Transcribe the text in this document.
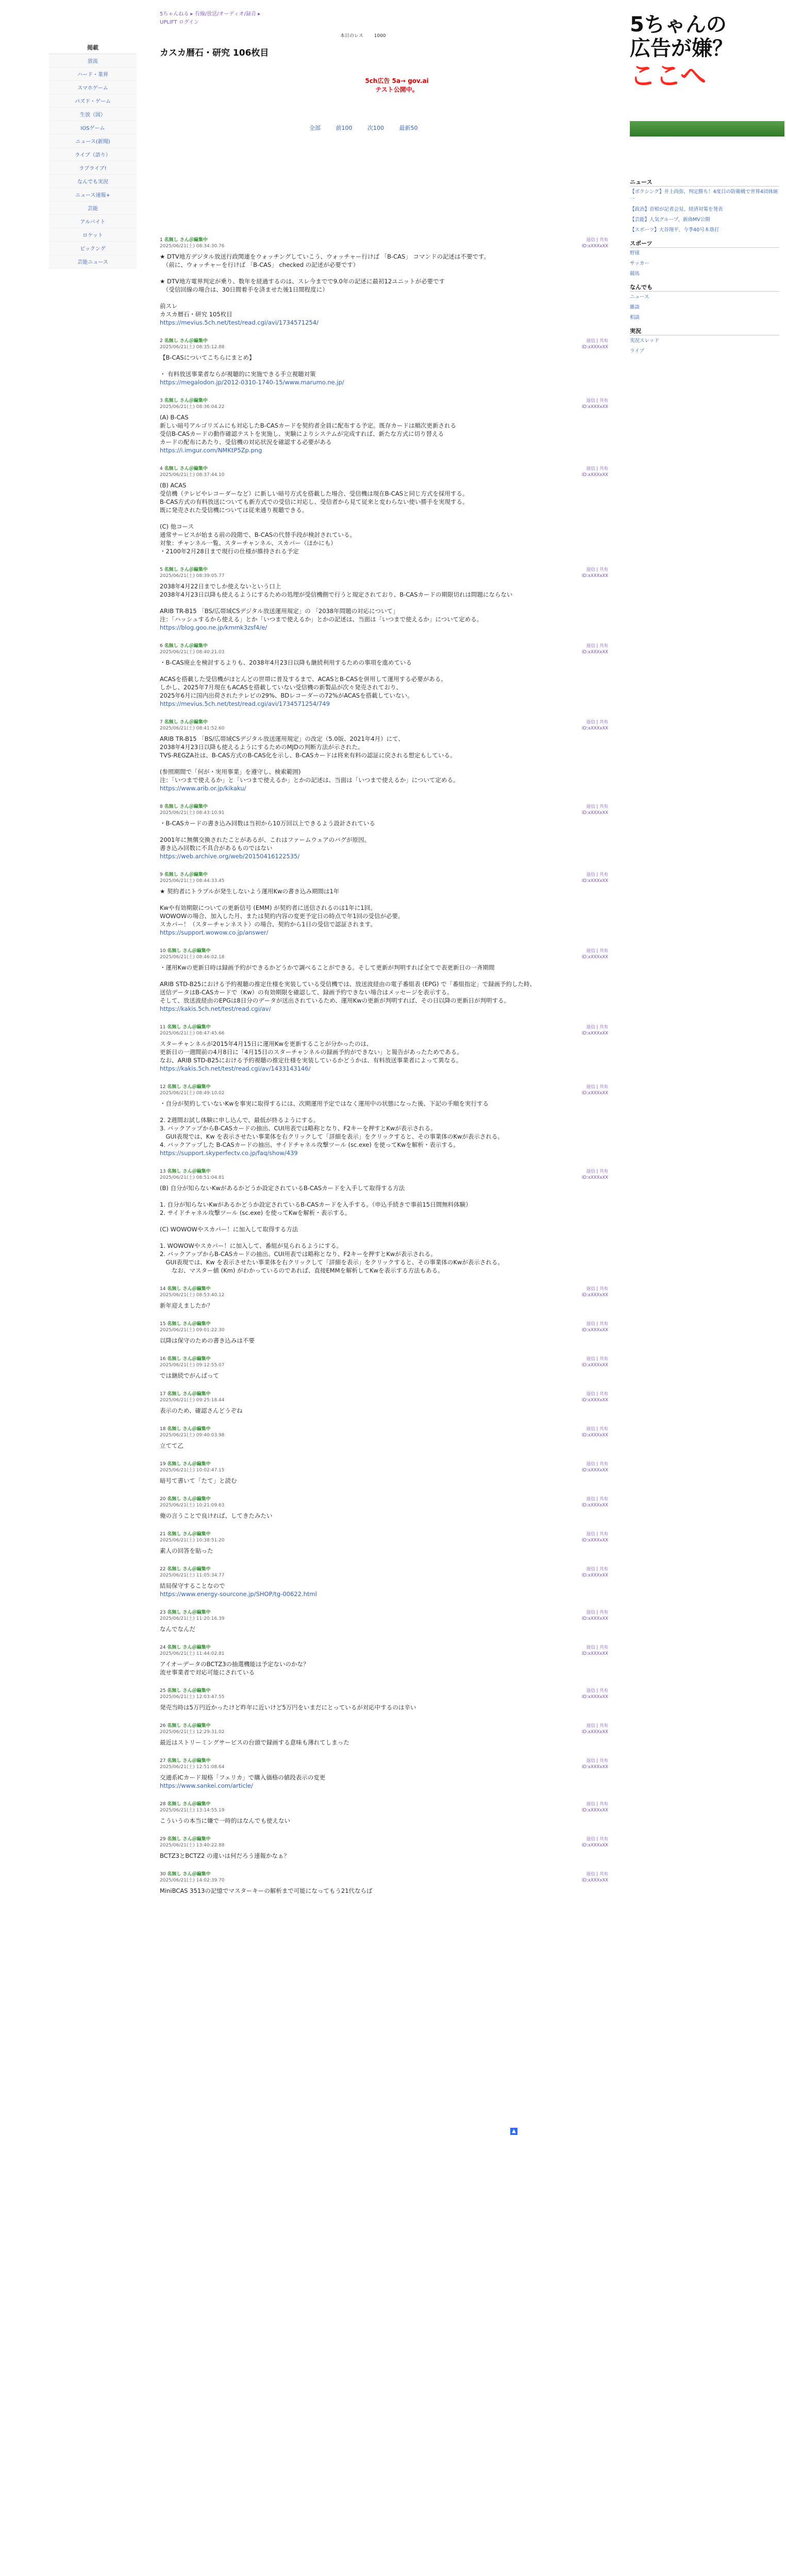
掲載
放流
ハード・業界
スマホゲーム
パズド・ゲーム
生放（図）
IOSゲーム
ニュース(新聞)
ライブ（語り）
ラブライブ!
なんでも実況
ニュース速報+
芸能
アルバイト
ロケット
ピックング
芸能ニュース
5ちゃんねる ▸ 有線/放送/オーディオ/録音 ▸
UPLIFT ログイン
カスカ暦石・研究 106枚目
本日のレス 1000
5ch広告 5a→ gov.ai
テスト公開中。
全部	前100	次100	最新50
5ちゃんの
広告が嫌？
ここへ
ニュース

【ボクシング】井上尚弥、判定勝ち！4度目の防衛戦で世界4団体統一

【政治】首相が記者会見、経済対策を発表

【芸能】人気グループ、新曲MV公開

【スポーツ】大谷翔平、今季40号本塁打

スポーツ

野球

サッカー

競馬

なんでも

ニュース

雑談

相談

実況

実況スレッド

ライブ

1 名無し さん＠編集中
2025/06/21(土) 08:34:30.76
返信 | 共有
ID:xXXXxXX
★ DTV地方デジタル放送行政関連をウォッチングしていこう、ウォッチャー行けば 「B-CAS」 コマンドの記述は不要です。
　（前に、ウォッチャーを行けば 「B-CAS」 checked の記述が必要です）

★ DTV地方電界判定が乗り、数年を経過するのは、スレ今までで9.0年の記述に最初12ユニットが必要です
　（受信回線の場合は、30日間着手を済ませた後1日間程度に）

前スレ
カスカ暦石・研究 105枚目
https://mevius.5ch.net/test/read.cgi/avi/1734571254/
2 名無し さん＠編集中
2025/06/21(土) 08:35:12.88
返信 | 共有
ID:xXXXxXX
【B-CASについてこちらにまとめ】

・ 有料放送事業者ならが視聴的に実施できる手立視聴対策
https://megalodon.jp/2012-0310-1740-15/www.marumo.ne.jp/
3 名無し さん＠編集中
2025/06/21(土) 08:36:04.22
返信 | 共有
ID:xXXXxXX
(A) B-CAS
新しい暗号アルゴリズムにも対応したB-CASカードを契約者全員に配布する予定。既存カードは順次更新される
受信B-CASカードの動作確認テストを実施し、実験によりシステムが完成すれば、新たな方式に切り替える
カードの配布にあたり、受信機の対応状況を確認する必要がある
https://i.imgur.com/NMKtP5Zp.png
4 名無し さん＠編集中
2025/06/21(土) 08:37:44.10
返信 | 共有
ID:xXXXxXX
(B) ACAS
受信機（テレビやレコーダーなど）に新しい暗号方式を搭載した場合、受信機は現在B-CASと同じ方式を採用する。
B-CAS方式の有料放送についても新方式での受信に対応し、受信者から見て従来と変わらない使い勝手を実現する。
既に発売された受信機については従来通り視聴できる。

(C) 他コース
通常サービスが始まる前の段階で、B-CASの代替手段が検討されている。
対象：チャンネル一覧、スターチャンネル、スカパー（ほかにも）
・2100年2月28日まで現行の仕様が維持される予定
5 名無し さん＠編集中
2025/06/21(土) 08:39:05.77
返信 | 共有
ID:xXXXxXX
2038年4月22日までしか使えないという口上
2038年4月23日以降も使えるようにするための処理が受信機側で行うと規定されており、B-CASカードの期限切れは問題にならない

ARIB TR-B15 「BS/広帯域CSデジタル放送運用規定」の 「2038年問題の対応について」
注：「ハッシュするから使える」とか「いつまで使えるか」とかの記述は、当面は「いつまで使えるか」について定める。
https://blog.goo.ne.jp/kmmk3zsf4/e/
6 名無し さん＠編集中
2025/06/21(土) 08:40:21.03
返信 | 共有
ID:xXXXxXX
・B-CAS廃止を検討するよりも、2038年4月23日以降も継続利用するための事項を進めている

ACASを搭載した受信機がほとんどの世帯に普及するまで、ACASとB-CASを併用して運用する必要がある。
しかし、2025年7月現在もACASを搭載していない受信機の新製品が次々発売されており、
2025年6月に国内出荷されたテレビの29%、BDレコーダーの72%がACASを搭載していない。
https://mevius.5ch.net/test/read.cgi/avi/1734571254/749
7 名無し さん＠編集中
2025/06/21(土) 08:41:52.60
返信 | 共有
ID:xXXXxXX
ARIB TR-B15 「BS/広帯域CSデジタル放送運用規定」の改定（5.0版、2021年4月）にて、
2038年4月23日以降も使えるようにするためのMJDの判断方法が示された。
TVS-REGZA社は、B-CAS方式のB-CAS化を示し、B-CASカードは将来有料の認証に戻される想定もしている。

(参照期間で「何が・実用事業」を遵守し、検索範囲)
注：「いつまで使えるか」と「いつまで使えるか」とかの記述は、当面は「いつまで使えるか」について定める。
https://www.arib.or.jp/kikaku/
8 名無し さん＠編集中
2025/06/21(土) 08:43:10.91
返信 | 共有
ID:xXXXxXX
・B-CASカードの書き込み回数は当初から10万回以上できるよう設計されている

2001年に無償交換されたことがあるが、これはファームウェアのバグが原因。
書き込み回数に不具合があるものではない
https://web.archive.org/web/20150416122535/
9 名無し さん＠編集中
2025/06/21(土) 08:44:33.45
返信 | 共有
ID:xXXXxXX
★ 契約者にトラブルが発生しないよう運用Kwの書き込み期間は1年

Kwや有効期限についての更新信号 (EMM) が契約者に送信されるのは1年に1回。
WOWOWの場合、加入した月、または契約内容の変更予定日の時点で年1回の受信が必要。
スカパー！（スターチャンネスト）の場合、契約から1日の受信で認証されます。
https://support.wowow.co.jp/answer/
10 名無し さん＠編集中
2025/06/21(土) 08:46:02.18
返信 | 共有
ID:xXXXxXX
・運用Kwの更新日時は録画予約ができるかどうかで調べることができる。そして更新が判明すれば全てで表更新日の一斉期間

ARIB STD-B25における予約視聴の推定仕様を実装している受信機では、放送波経由の電子番組表 (EPG) で「番組指定」で録画予約した時、
送信データはB-CASカードで（Kw）の有効期限を確認して、録画予約できない場合はメッセージを表示する。
そして、放送波経由のEPGは8日分のデータが送出されているため、運用Kwの更新が判明すれば、その日以降の更新日が判明する。
https://kakis.5ch.net/test/read.cgi/av/
11 名無し さん＠編集中
2025/06/21(土) 08:47:45.66
返信 | 共有
ID:xXXXxXX
スターチャンネルが2015年4月15日に運用Kwを更新することが分かったのは、
更新日の一週間前の4月8日に「4月15日のスターチャンネルの録画予約ができない」と報告があったためである。
なお、ARIB STD-B25における予約視聴の推定仕様を実装しているかどうかは、有料放送事業者によって異なる。
https://kakis.5ch.net/test/read.cgi/av/1433143146/
12 名無し さん＠編集中
2025/06/21(土) 08:49:10.02
返信 | 共有
ID:xXXXxXX
・自分が契約していないKwを事実に取得するには、次期運用予定ではなく運用中の状態になった後、下記の手順を実行する

2. 2週間お試し体験に申し込んで、最低が終るようにする。
3. バックアップからB-CASカードの抽出、CUI用表では略称となり、F2キーを押すとKwが表示される。
　GUI表現では、Kw を表示させたい事業体を右クリックして「詳細を表示」をクリックすると、その事業体のKwが表示される。
4. バックアップした B-CASカードの抽出、サイドチャネル攻撃ツール (sc.exe) を使ってKwを解析・表示する。
https://support.skyperfectv.co.jp/faq/show/439
13 名無し さん＠編集中
2025/06/21(土) 08:51:04.81
返信 | 共有
ID:xXXXxXX
(B) 自分が知らないKwがあるかどうか設定されているB-CASカードを入手して取得する方法

1. 自分が知らないKwがあるかどうか設定されているB-CASカードを入手する。（申込手続きで事前15日間無料体験）
2. サイドチャネル攻撃ツール (sc.exe) を使ってKwを解析・表示する。

(C) WOWOWやスカパー！に加入して取得する方法

1. WOWOWやスカパー！に加入して、番組が見られるようにする。
2. バックアップからB-CASカードの抽出、CUI用表では略称となり、F2キーを押すとKwが表示される。
　GUI表現では、Kw を表示させたい事業体を右クリックして「詳細を表示」をクリックすると、その事業体のKwが表示される。
　　なお、マスター値 (Km) がわかっているのであれば、直接EMMを解析してKwを表示する方法もある。
14 名無し さん＠編集中
2025/06/21(土) 08:53:40.12
返信 | 共有
ID:xXXXxXX
新年迎えましたか？
15 名無し さん＠編集中
2025/06/21(土) 09:01:22.30
返信 | 共有
ID:xXXXxXX
以降は保守のための書き込みは不要
16 名無し さん＠編集中
2025/06/21(土) 09:12:55.07
返信 | 共有
ID:xXXXxXX
では継続でがんばって
17 名無し さん＠編集中
2025/06/21(土) 09:25:18.44
返信 | 共有
ID:xXXXxXX
表示のため、確認さんどうぞね
18 名無し さん＠編集中
2025/06/21(土) 09:40:03.98
返信 | 共有
ID:xXXXxXX
立てて乙
19 名無し さん＠編集中
2025/06/21(土) 10:02:47.15
返信 | 共有
ID:xXXXxXX
暗号て書いて「たて」と読む
20 名無し さん＠編集中
2025/06/21(土) 10:21:09.63
返信 | 共有
ID:xXXXxXX
俺の言うことで良ければ、してきたみたい
21 名無し さん＠編集中
2025/06/21(土) 10:38:51.20
返信 | 共有
ID:xXXXxXX
素人の回答を貼った
22 名無し さん＠編集中
2025/06/21(土) 11:05:34.77
返信 | 共有
ID:xXXXxXX
結局保守することなので
https://www.energy-sourcone.jp/SHOP/tg-00622.html
23 名無し さん＠編集中
2025/06/21(土) 11:20:16.39
返信 | 共有
ID:xXXXxXX
なんでなんだ
24 名無し さん＠編集中
2025/06/21(土) 11:44:02.81
返信 | 共有
ID:xXXXxXX
アイオーデータのBCTZ3の抽選機能は予定ないのかな？
流せ事業者で対応可能にされている
25 名無し さん＠編集中
2025/06/21(土) 12:03:47.55
返信 | 共有
ID:xXXXxXX
発売当時は5万円近かったけど昨年に近いけど5万円をいまだにとっているが対応中するのは辛い
26 名無し さん＠編集中
2025/06/21(土) 12:29:31.02
返信 | 共有
ID:xXXXxXX
最近はストリーミングサービスの台頭で録画する意味も薄れてしまった
27 名無し さん＠編集中
2025/06/21(土) 12:51:08.64
返信 | 共有
ID:xXXXxXX
交通系ICカード規格「フェリカ」で購入価格の値段表示の変更
https://www.sankei.com/article/
28 名無し さん＠編集中
2025/06/21(土) 13:14:55.19
返信 | 共有
ID:xXXXxXX
こういうの本当に嫌で一時的はなんでも使えない
29 名無し さん＠編集中
2025/06/21(土) 13:40:22.88
返信 | 共有
ID:xXXXxXX
BCTZ3とBCTZ2 の違いは何だろう速報かなぁ？
30 名無し さん＠編集中
2025/06/21(土) 14:02:39.70
返信 | 共有
ID:xXXXxXX
MiniBCAS 3513の記憶でマスターキーの解析まで可能になってもう21代ならば
▲
